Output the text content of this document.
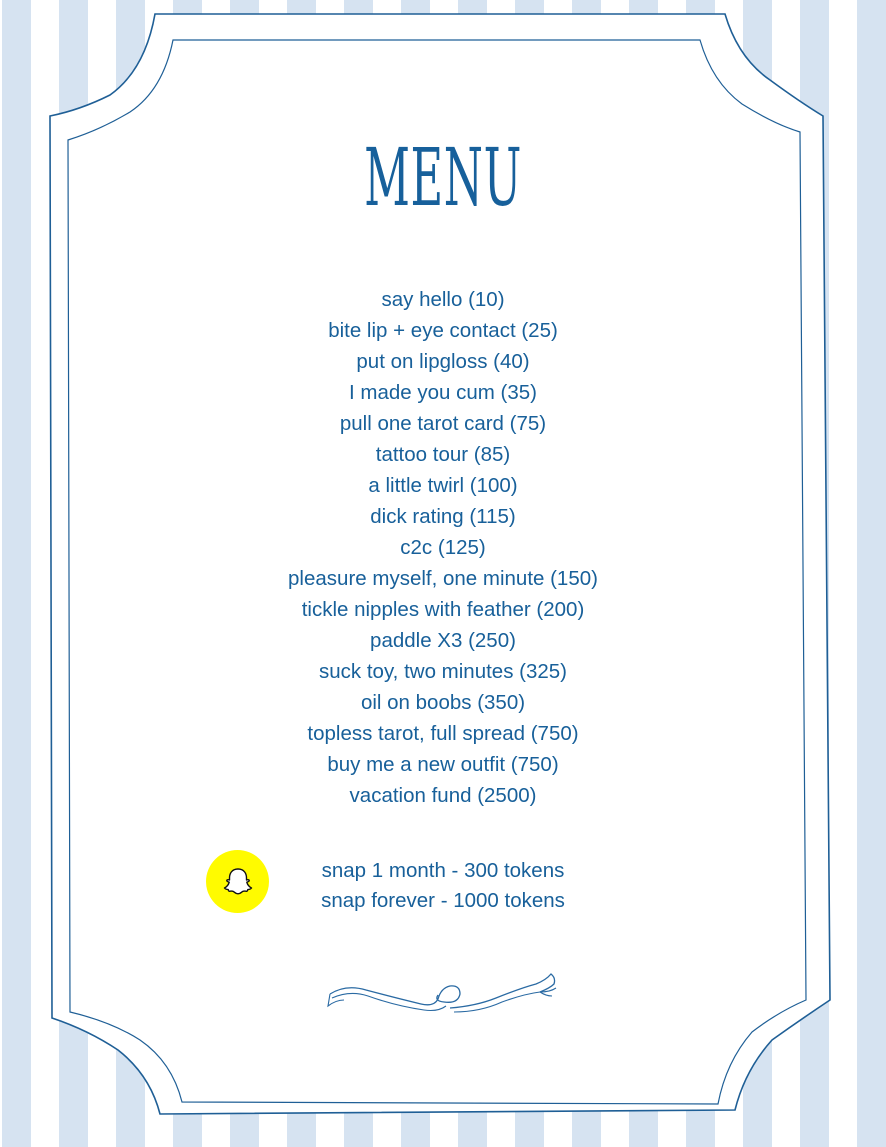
MENU
say hello (10)
bite lip + eye contact (25)
put on lipgloss (40)
I made you cum (35)
pull one tarot card (75)
tattoo tour (85)
a little twirl (100)
dick rating (115)
c2c (125)
pleasure myself, one minute (150)
tickle nipples with feather (200)
paddle X3 (250)
suck toy, two minutes (325)
oil on boobs (350)
topless tarot, full spread (750)
buy me a new outfit (750)
vacation fund (2500)
snap 1 month - 300 tokens
snap forever - 1000 tokens
